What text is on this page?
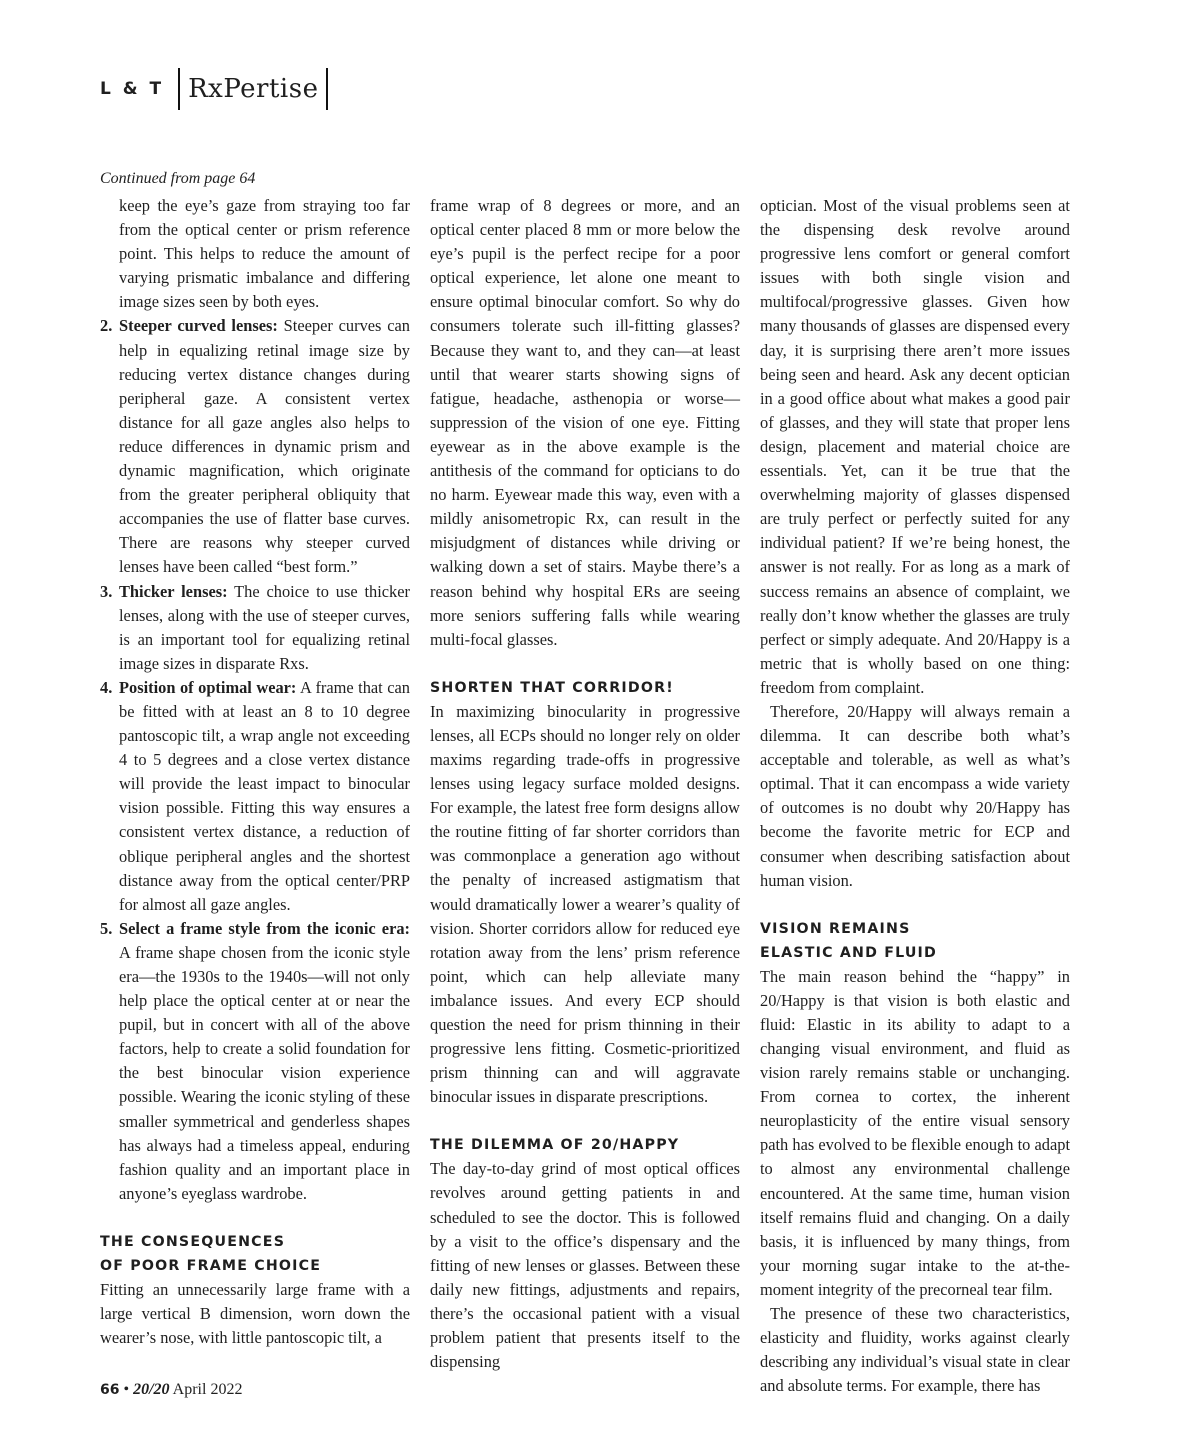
L & T RxPertise
Continued from page 64

keep the eye’s gaze from straying too far from the optical center or prism reference point. This helps to reduce the amount of varying prismatic imbalance and differing image sizes seen by both eyes.

2. Steeper curved lenses: Steeper curves can help in equalizing retinal image size by reducing vertex distance changes during peripheral gaze. A consistent vertex distance for all gaze angles also helps to reduce differences in dynamic prism and dynamic magnification, which originate from the greater peripheral obliquity that accompanies the use of flatter base curves. There are reasons why steeper curved lenses have been called “best form.”
3. Thicker lenses: The choice to use thicker lenses, along with the use of steeper curves, is an important tool for equalizing retinal image sizes in disparate Rxs.
4. Position of optimal wear: A frame that can be fitted with at least an 8 to 10 degree pantoscopic tilt, a wrap angle not exceeding 4 to 5 degrees and a close vertex distance will provide the least impact to binocular vision possible. Fitting this way ensures a consistent vertex distance, a reduction of oblique peripheral angles and the shortest distance away from the optical center/PRP for almost all gaze angles.
5. Select a frame style from the iconic era: A frame shape chosen from the iconic style era—the 1930s to the 1940s—will not only help place the optical center at or near the pupil, but in concert with all of the above factors, help to create a solid foundation for the best binocular vision experience possible. Wearing the iconic styling of these smaller symmetrical and genderless shapes has always had a timeless appeal, enduring fashion quality and an important place in anyone’s eyeglass wardrobe.
THE CONSEQUENCES
OF POOR FRAME CHOICE

Fitting an unnecessarily large frame with a large vertical B dimension, worn down the wearer’s nose, with little pantoscopic tilt, a

frame wrap of 8 degrees or more, and an optical center placed 8 mm or more below the eye’s pupil is the perfect recipe for a poor optical experience, let alone one meant to ensure optimal binocular comfort. So why do consumers tolerate such ill-fitting glasses? Because they want to, and they can—at least until that wearer starts showing signs of fatigue, headache, asthenopia or worse—suppression of the vision of one eye. Fitting eyewear as in the above example is the antithesis of the command for opticians to do no harm. Eyewear made this way, even with a mildly anisometropic Rx, can result in the misjudgment of distances while driving or walking down a set of stairs. Maybe there’s a reason behind why hospital ERs are seeing more seniors suffering falls while wearing multi-focal glasses.

SHORTEN THAT CORRIDOR!

In maximizing binocularity in progressive lenses, all ECPs should no longer rely on older maxims regarding trade-offs in progressive lenses using legacy surface molded designs. For example, the latest free form designs allow the routine fitting of far shorter corridors than was commonplace a generation ago without the penalty of increased astigmatism that would dramatically lower a wearer’s quality of vision. Shorter corridors allow for reduced eye rotation away from the lens’ prism reference point, which can help alleviate many imbalance issues. And every ECP should question the need for prism thinning in their progressive lens fitting. Cosmetic-prioritized prism thinning can and will aggravate binocular issues in disparate prescriptions.

THE DILEMMA OF 20/HAPPY

The day-to-day grind of most optical offices revolves around getting patients in and scheduled to see the doctor. This is followed by a visit to the office’s dispensary and the fitting of new lenses or glasses. Between these daily new fittings, adjustments and repairs, there’s the occasional patient with a visual problem patient that presents itself to the dispensing

optician. Most of the visual problems seen at the dispensing desk revolve around progressive lens comfort or general comfort issues with both single vision and multifocal/progressive glasses. Given how many thousands of glasses are dispensed every day, it is surprising there aren’t more issues being seen and heard. Ask any decent optician in a good office about what makes a good pair of glasses, and they will state that proper lens design, placement and material choice are essentials. Yet, can it be true that the overwhelming majority of glasses dispensed are truly perfect or perfectly suited for any individual patient? If we’re being honest, the answer is not really. For as long as a mark of success remains an absence of complaint, we really don’t know whether the glasses are truly perfect or simply adequate. And 20/Happy is a metric that is wholly based on one thing: freedom from complaint.

Therefore, 20/Happy will always remain a dilemma. It can describe both what’s acceptable and tolerable, as well as what’s optimal. That it can encompass a wide variety of outcomes is no doubt why 20/Happy has become the favorite metric for ECP and consumer when describing satisfaction about human vision.

VISION REMAINS
ELASTIC AND FLUID

The main reason behind the “happy” in 20/Happy is that vision is both elastic and fluid: Elastic in its ability to adapt to a changing visual environment, and fluid as vision rarely remains stable or unchanging. From cornea to cortex, the inherent neuroplasticity of the entire visual sensory path has evolved to be flexible enough to adapt to almost any environmental challenge encountered. At the same time, human vision itself remains fluid and changing. On a daily basis, it is influenced by many things, from your morning sugar intake to the at-the-moment integrity of the precorneal tear film.

The presence of these two characteristics, elasticity and fluidity, works against clearly describing any individual’s visual state in clear and absolute terms. For example, there has

66 • 20/20 April 2022
